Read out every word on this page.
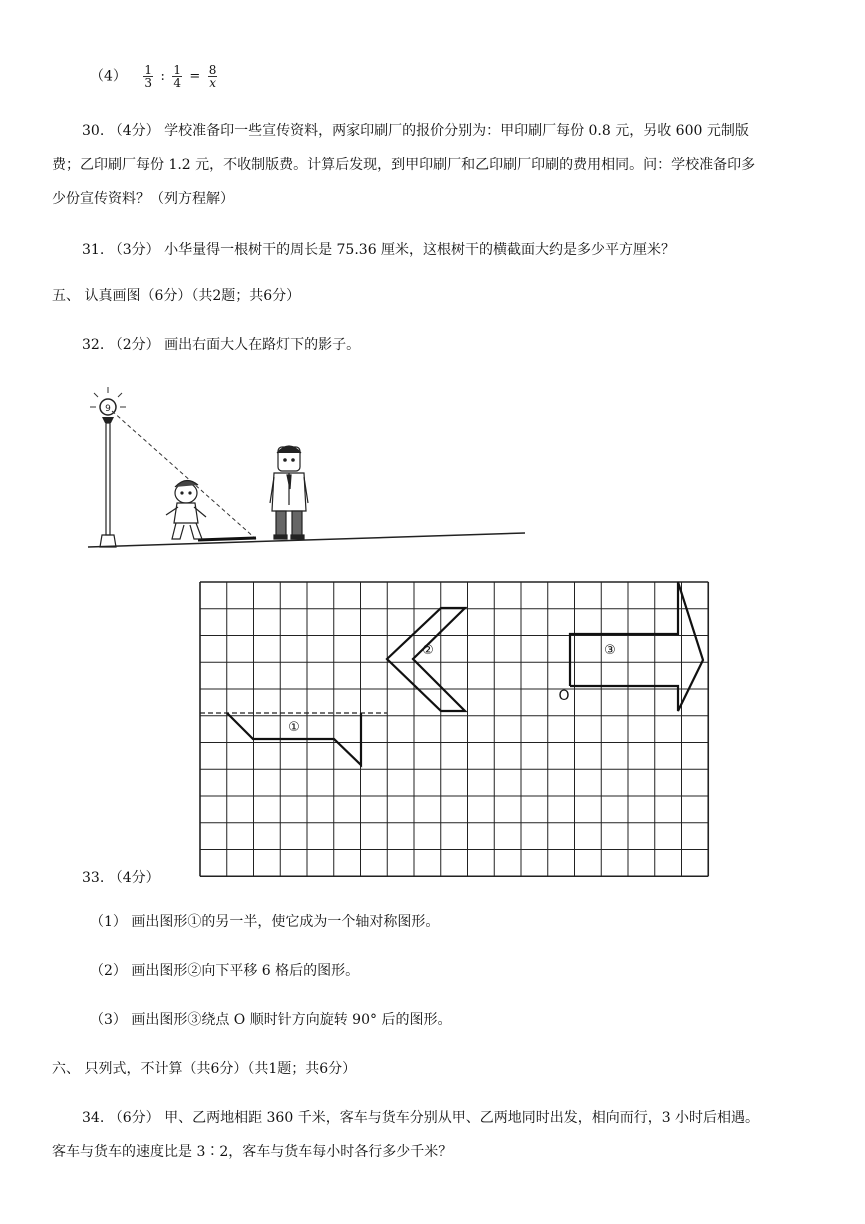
$(4) \frac{1}{3}$ : $\frac{1}{4} = \frac{8}{x}$
30. （4分） 学校准备印一些宣传资料，两家印刷厂的报价分别为：甲印刷厂每份 0.8 元，另收 600 元制版
费；乙印刷厂每份 1.2 元，不收制版费。计算后发现，到甲印刷厂和乙印刷厂印刷的费用相同。问：学校准备印多
少份宣传资料？（列方程解）
31. （3分） 小华量得一根树干的周长是 75.36 厘米，这根树干的横截面大约是多少平方厘米？
五、 认真画图（6分）（共2题；共6分）
32. （2分） 画出右面大人在路灯下的影子。
9
①
②	③
O
33. （4分）
（1） 画出图形①的另一半，使它成为一个轴对称图形。
（2） 画出图形②向下平移 6 格后的图形。
（3） 画出图形③绕点 O 顺时针方向旋转 90° 后的图形。
六、 只列式，不计算（共6分）（共1题；共6分）
34. （6分） 甲、乙两地相距 360 千米，客车与货车分别从甲、乙两地同时出发，相向而行，3 小时后相遇。
客车与货车的速度比是 3∶2，客车与货车每小时各行多少千米？
